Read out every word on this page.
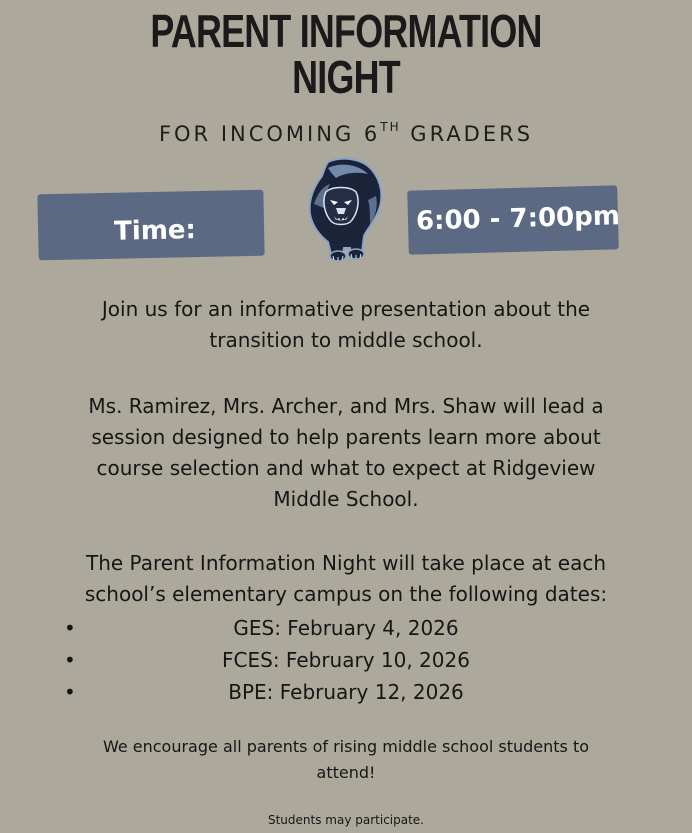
PARENT INFORMATION
NIGHT
FOR INCOMING 6TH GRADERS
Time:	6:00 - 7:00pm
Join us for an informative presentation about the
transition to middle school.
Ms. Ramirez, Mrs. Archer, and Mrs. Shaw will lead a
session designed to help parents learn more about
course selection and what to expect at Ridgeview
Middle School.
The Parent Information Night will take place at each
school’s elementary campus on the following dates:
•	GES: February 4, 2026
•	FCES: February 10, 2026
•	BPE: February 12, 2026
We encourage all parents of rising middle school students to
attend!
Students may participate.
